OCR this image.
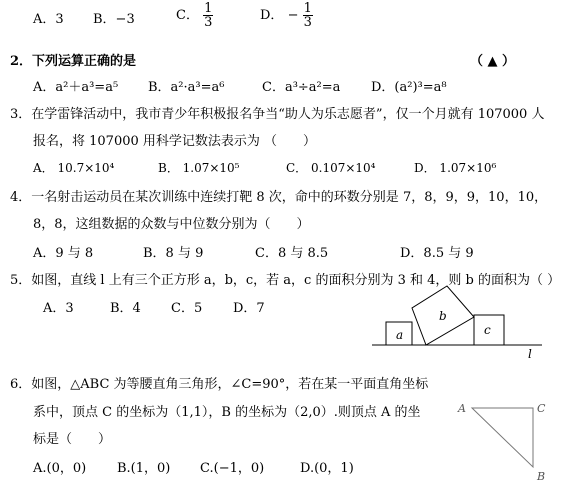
A．3 B．−3	C． $\frac{1}{3}$	D． − $\frac{1}{3}$
2．下列运算正确的是	（ ▲ ）
A．a²＋a³=a⁵ B．a²·a³=a⁶	C．a³÷a²=a D．(a²)³=a⁸
3．在学雷锋活动中，我市青少年积极报名争当“助人为乐志愿者”，仅一个月就有 107000 人
报名，将 107000 用科学记数法表示为 （　　）
A． 10.7×10⁴	B． 1.07×10⁵	C． 0.107×10⁴	D． 1.07×10⁶
4．一名射击运动员在某次训练中连续打靶 8 次，命中的环数分别是 7，8，9，9，10，10，
8，8，这组数据的众数与中位数分别为（　　）
A．9 与 8	B．8 与 9	C．8 与 8.5	D．8.5 与 9
5．如图，直线 l 上有三个正方形 a，b，c，若 a，c 的面积分别为 3 和 4，则 b 的面积为（ ）
A．3	B．4 C．5 D．7
a
b
c
l
6．如图，△ABC 为等腰直角三角形，∠C=90°，若在某一平面直角坐标
系中，顶点 C 的坐标为（1,1），B 的坐标为（2,0）.则顶点 A 的坐
标是（　　）
A.(0，0) B.(1，0) C.(−1，0)	D.(0，1)
A	C
B
